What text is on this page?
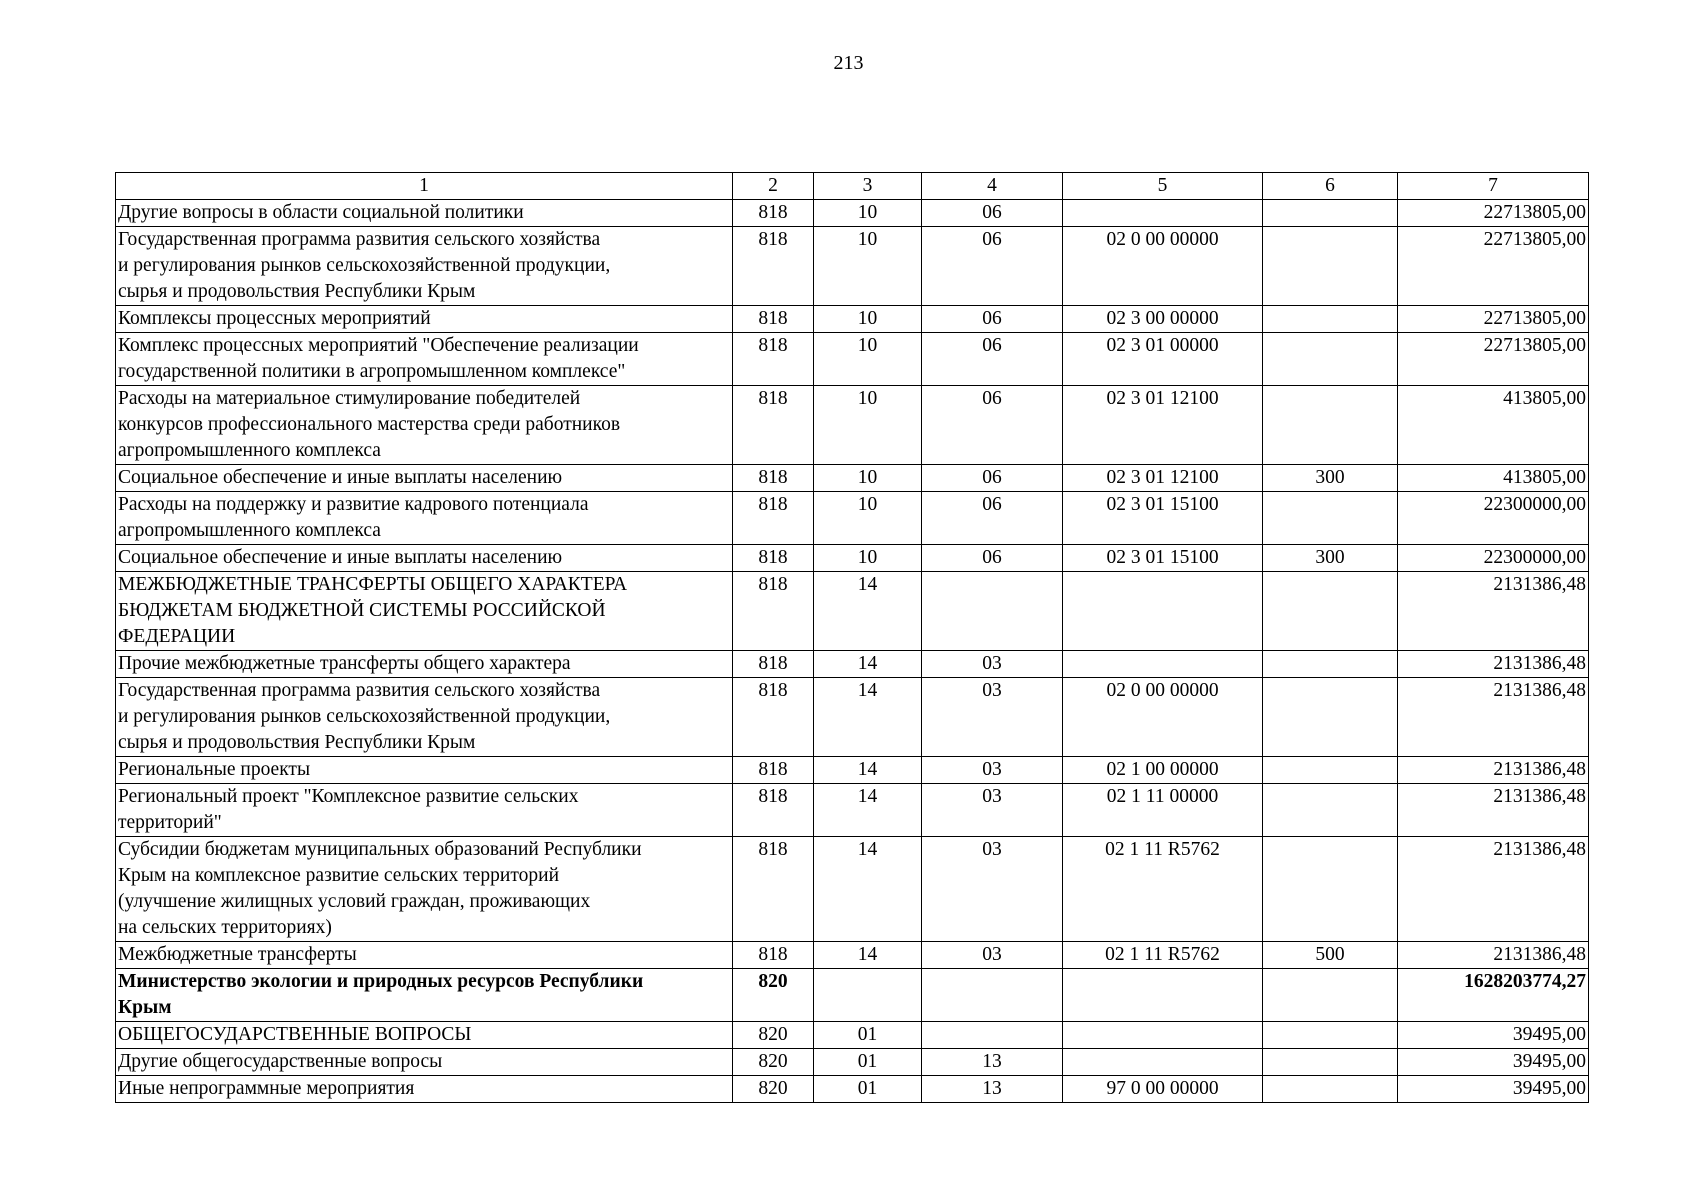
213
1	2	3	4	5	6	7
Другие вопросы в области социальной политики	818	10	06			22713805,00
Государственная программа развития сельского хозяйства
и регулирования рынков сельскохозяйственной продукции,
сырья и продовольствия Республики Крым	818	10	06	02 0 00 00000		22713805,00
Комплексы процессных мероприятий	818	10	06	02 3 00 00000		22713805,00
Комплекс процессных мероприятий "Обеспечение реализации
государственной политики в агропромышленном комплексе"	818	10	06	02 3 01 00000		22713805,00
Расходы на материальное стимулирование победителей
конкурсов профессионального мастерства среди работников
агропромышленного комплекса	818	10	06	02 3 01 12100		413805,00
Социальное обеспечение и иные выплаты населению	818	10	06	02 3 01 12100	300	413805,00
Расходы на поддержку и развитие кадрового потенциала
агропромышленного комплекса	818	10	06	02 3 01 15100		22300000,00
Социальное обеспечение и иные выплаты населению	818	10	06	02 3 01 15100	300	22300000,00
МЕЖБЮДЖЕТНЫЕ ТРАНСФЕРТЫ ОБЩЕГО ХАРАКТЕРА
БЮДЖЕТАМ БЮДЖЕТНОЙ СИСТЕМЫ РОССИЙСКОЙ
ФЕДЕРАЦИИ	818	14				2131386,48
Прочие межбюджетные трансферты общего характера	818	14	03			2131386,48
Государственная программа развития сельского хозяйства
и регулирования рынков сельскохозяйственной продукции,
сырья и продовольствия Республики Крым	818	14	03	02 0 00 00000		2131386,48
Региональные проекты	818	14	03	02 1 00 00000		2131386,48
Региональный проект "Комплексное развитие сельских
территорий"	818	14	03	02 1 11 00000		2131386,48
Субсидии бюджетам муниципальных образований Республики
Крым на комплексное развитие сельских территорий
(улучшение жилищных условий граждан, проживающих
на сельских территориях)	818	14	03	02 1 11 R5762		2131386,48
Межбюджетные трансферты	818	14	03	02 1 11 R5762	500	2131386,48
Министерство экологии и природных ресурсов Республики
Крым	820					1628203774,27
ОБЩЕГОСУДАРСТВЕННЫЕ ВОПРОСЫ	820	01				39495,00
Другие общегосударственные вопросы	820	01	13			39495,00
Иные непрограммные мероприятия	820	01	13	97 0 00 00000		39495,00
